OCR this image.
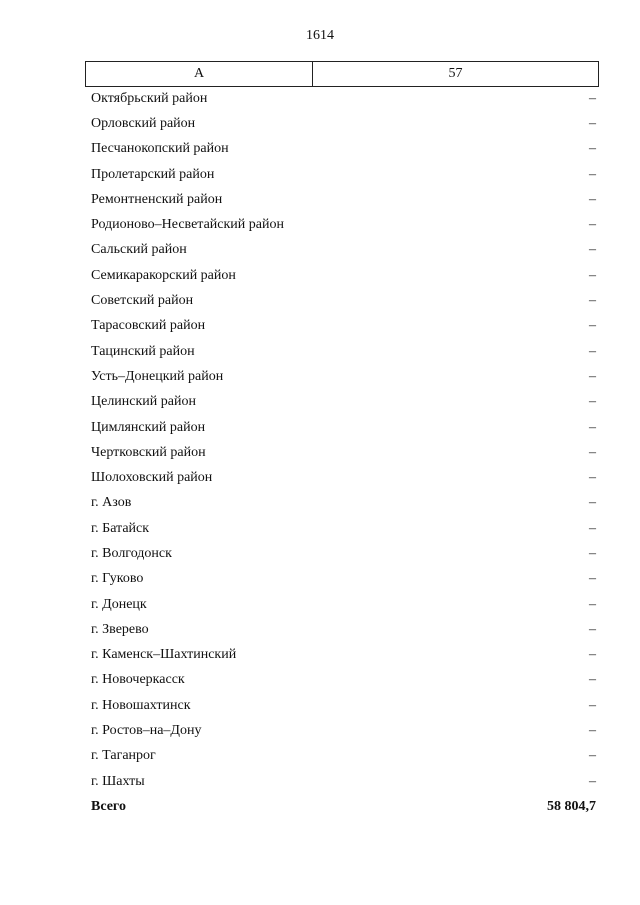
1614
А	57
Октябрьский район	–
Орловский район	–
Песчанокопский район	–
Пролетарский район	–
Ремонтненский район	–
Родионово–Несветайский район	–
Сальский район	–
Семикаракорский район	–
Советский район	–
Тарасовский район	–
Тацинский район	–
Усть–Донецкий район	–
Целинский район	–
Цимлянский район	–
Чертковский район	–
Шолоховский район	–
г. Азов	–
г. Батайск	–
г. Волгодонск	–
г. Гуково	–
г. Донецк	–
г. Зверево	–
г. Каменск–Шахтинский	–
г. Новочеркасск	–
г. Новошахтинск	–
г. Ростов–на–Дону	–
г. Таганрог	–
г. Шахты	–
Всего	58 804,7
